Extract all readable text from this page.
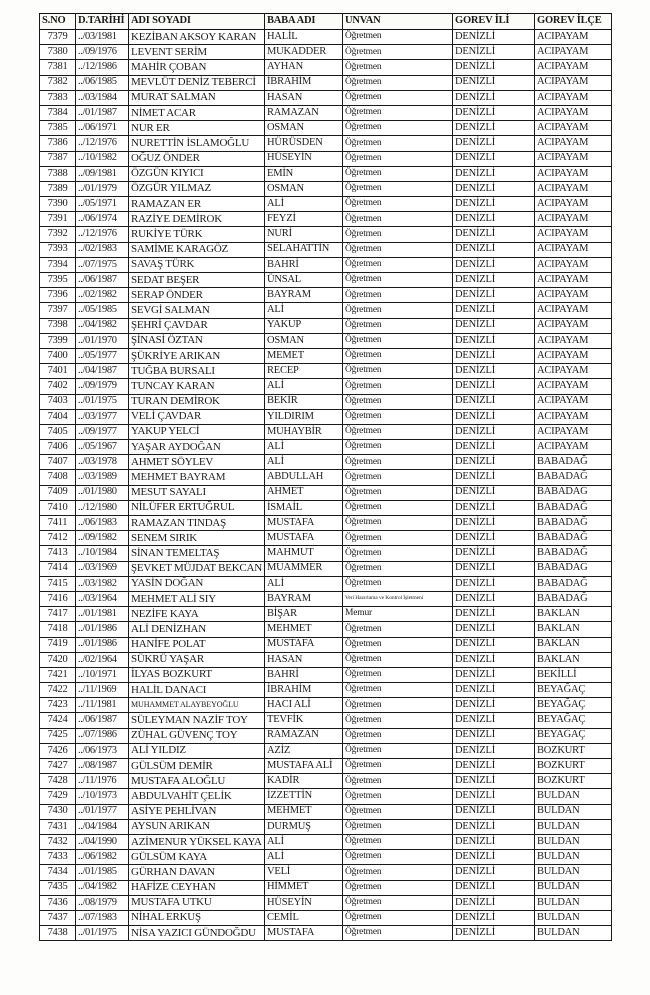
S.NO	D.TARİHİ	ADI SOYADI	BABA ADI	UNVAN	GOREV İLİ	GOREV İLÇE
7379	../03/1981	KEZİBAN AKSOY KARAN	HALİL	Öğretmen	DENİZLİ	ACIPAYAM
7380	../09/1976	LEVENT SERİM	MUKADDER	Öğretmen	DENİZLİ	ACIPAYAM
7381	../12/1986	MAHİR ÇOBAN	AYHAN	Öğretmen	DENİZLİ	ACIPAYAM
7382	../06/1985	MEVLÜT DENİZ TEBERCİ	İBRAHİM	Öğretmen	DENİZLİ	ACIPAYAM
7383	../03/1984	MURAT SALMAN	HASAN	Öğretmen	DENİZLİ	ACIPAYAM
7384	../01/1987	NİMET ACAR	RAMAZAN	Öğretmen	DENİZLİ	ACIPAYAM
7385	../06/1971	NUR ER	OSMAN	Öğretmen	DENİZLİ	ACIPAYAM
7386	../12/1976	NURETTİN İSLAMOĞLU	HÜRÜSDEN	Öğretmen	DENİZLİ	ACIPAYAM
7387	../10/1982	OĞUZ ÖNDER	HÜSEYİN	Öğretmen	DENİZLİ	ACIPAYAM
7388	../09/1981	ÖZGÜN KIYICI	EMİN	Öğretmen	DENİZLİ	ACIPAYAM
7389	../01/1979	ÖZGÜR YILMAZ	OSMAN	Öğretmen	DENİZLİ	ACIPAYAM
7390	../05/1971	RAMAZAN ER	ALİ	Öğretmen	DENİZLİ	ACIPAYAM
7391	../06/1974	RAZİYE DEMİROK	FEYZİ	Öğretmen	DENİZLİ	ACIPAYAM
7392	../12/1976	RUKİYE TÜRK	NURİ	Öğretmen	DENİZLİ	ACIPAYAM
7393	../02/1983	SAMİME KARAGÖZ	SELAHATTİN	Öğretmen	DENİZLİ	ACIPAYAM
7394	../07/1975	SAVAŞ TÜRK	BAHRİ	Öğretmen	DENİZLİ	ACIPAYAM
7395	../06/1987	SEDAT BEŞER	ÜNSAL	Öğretmen	DENİZLİ	ACIPAYAM
7396	../02/1982	SERAP ÖNDER	BAYRAM	Öğretmen	DENİZLİ	ACIPAYAM
7397	../05/1985	SEVGİ SALMAN	ALİ	Öğretmen	DENİZLİ	ACIPAYAM
7398	../04/1982	ŞEHRİ ÇAVDAR	YAKUP	Öğretmen	DENİZLİ	ACIPAYAM
7399	../01/1970	ŞİNASİ ÖZTAN	OSMAN	Öğretmen	DENİZLİ	ACIPAYAM
7400	../05/1977	ŞÜKRİYE ARIKAN	MEMET	Öğretmen	DENİZLİ	ACIPAYAM
7401	../04/1987	TUĞBA BURSALI	RECEP	Öğretmen	DENİZLİ	ACIPAYAM
7402	../09/1979	TUNCAY KARAN	ALİ	Öğretmen	DENİZLİ	ACIPAYAM
7403	../01/1975	TURAN DEMİROK	BEKİR	Öğretmen	DENİZLİ	ACIPAYAM
7404	../03/1977	VELİ ÇAVDAR	YILDIRIM	Öğretmen	DENİZLİ	ACIPAYAM
7405	../09/1977	YAKUP YELCİ	MUHAYBİR	Öğretmen	DENİZLİ	ACIPAYAM
7406	../05/1967	YAŞAR AYDOĞAN	ALİ	Öğretmen	DENİZLİ	ACIPAYAM
7407	../03/1978	AHMET SÖYLEV	ALİ	Öğretmen	DENİZLİ	BABADAĞ
7408	../03/1989	MEHMET BAYRAM	ABDULLAH	Öğretmen	DENİZLİ	BABADAĞ
7409	../01/1980	MESUT SAYALI	AHMET	Öğretmen	DENİZLİ	BABADAĞ
7410	../12/1980	NİLÜFER ERTUĞRUL	İSMAİL	Öğretmen	DENİZLİ	BABADAĞ
7411	../06/1983	RAMAZAN TINDAŞ	MUSTAFA	Öğretmen	DENİZLİ	BABADAĞ
7412	../09/1982	SENEM SIRIK	MUSTAFA	Öğretmen	DENİZLİ	BABADAĞ
7413	../10/1984	SİNAN TEMELTAŞ	MAHMUT	Öğretmen	DENİZLİ	BABADAĞ
7414	../03/1969	ŞEVKET MÜJDAT BEKCAN	MUAMMER	Öğretmen	DENİZLİ	BABADAĞ
7415	../03/1982	YASİN DOĞAN	ALİ	Öğretmen	DENİZLİ	BABADAĞ
7416	../03/1964	MEHMET ALİ SIY	BAYRAM	Veri Hazırlama ve Kontrol İşletmeni	DENİZLİ	BABADAĞ
7417	../01/1981	NEZİFE KAYA	BİŞAR	Memur	DENİZLİ	BAKLAN
7418	../01/1986	ALİ DENİZHAN	MEHMET	Öğretmen	DENİZLİ	BAKLAN
7419	../01/1986	HANİFE POLAT	MUSTAFA	Öğretmen	DENİZLİ	BAKLAN
7420	../02/1964	SÜKRÜ YAŞAR	HASAN	Öğretmen	DENİZLİ	BAKLAN
7421	../10/1971	İLYAS BOZKURT	BAHRİ	Öğretmen	DENİZLİ	BEKİLLİ
7422	../11/1969	HALİL DANACI	İBRAHİM	Öğretmen	DENİZLİ	BEYAĞAÇ
7423	../11/1981	MUHAMMET ALAYBEYOĞLU	HACI ALİ	Öğretmen	DENİZLİ	BEYAĞAÇ
7424	../06/1987	SÜLEYMAN NAZİF TOY	TEVFİK	Öğretmen	DENİZLİ	BEYAĞAÇ
7425	../07/1986	ZÜHAL GÜVENÇ TOY	RAMAZAN	Öğretmen	DENİZLİ	BEYAĞAÇ
7426	../06/1973	ALİ YILDIZ	AZİZ	Öğretmen	DENİZLİ	BOZKURT
7427	../08/1987	GÜLSÜM DEMİR	MUSTAFA ALİ	Öğretmen	DENİZLİ	BOZKURT
7428	../11/1976	MUSTAFA ALOĞLU	KADİR	Öğretmen	DENİZLİ	BOZKURT
7429	../10/1973	ABDULVAHİT ÇELİK	İZZETTİN	Öğretmen	DENİZLİ	BULDAN
7430	../01/1977	ASİYE PEHLİVAN	MEHMET	Öğretmen	DENİZLİ	BULDAN
7431	../04/1984	AYSUN ARIKAN	DURMUŞ	Öğretmen	DENİZLİ	BULDAN
7432	../04/1990	AZİMENUR YÜKSEL KAYA	ALİ	Öğretmen	DENİZLİ	BULDAN
7433	../06/1982	GÜLSÜM KAYA	ALİ	Öğretmen	DENİZLİ	BULDAN
7434	../01/1985	GÜRHAN DAVAN	VELİ	Öğretmen	DENİZLİ	BULDAN
7435	../04/1982	HAFİZE CEYHAN	HİMMET	Öğretmen	DENİZLİ	BULDAN
7436	../08/1979	MUSTAFA UTKU	HÜSEYİN	Öğretmen	DENİZLİ	BULDAN
7437	../07/1983	NİHAL ERKUŞ	CEMİL	Öğretmen	DENİZLİ	BULDAN
7438	../01/1975	NİSA YAZICI GÜNDOĞDU	MUSTAFA	Öğretmen	DENİZLİ	BULDAN
